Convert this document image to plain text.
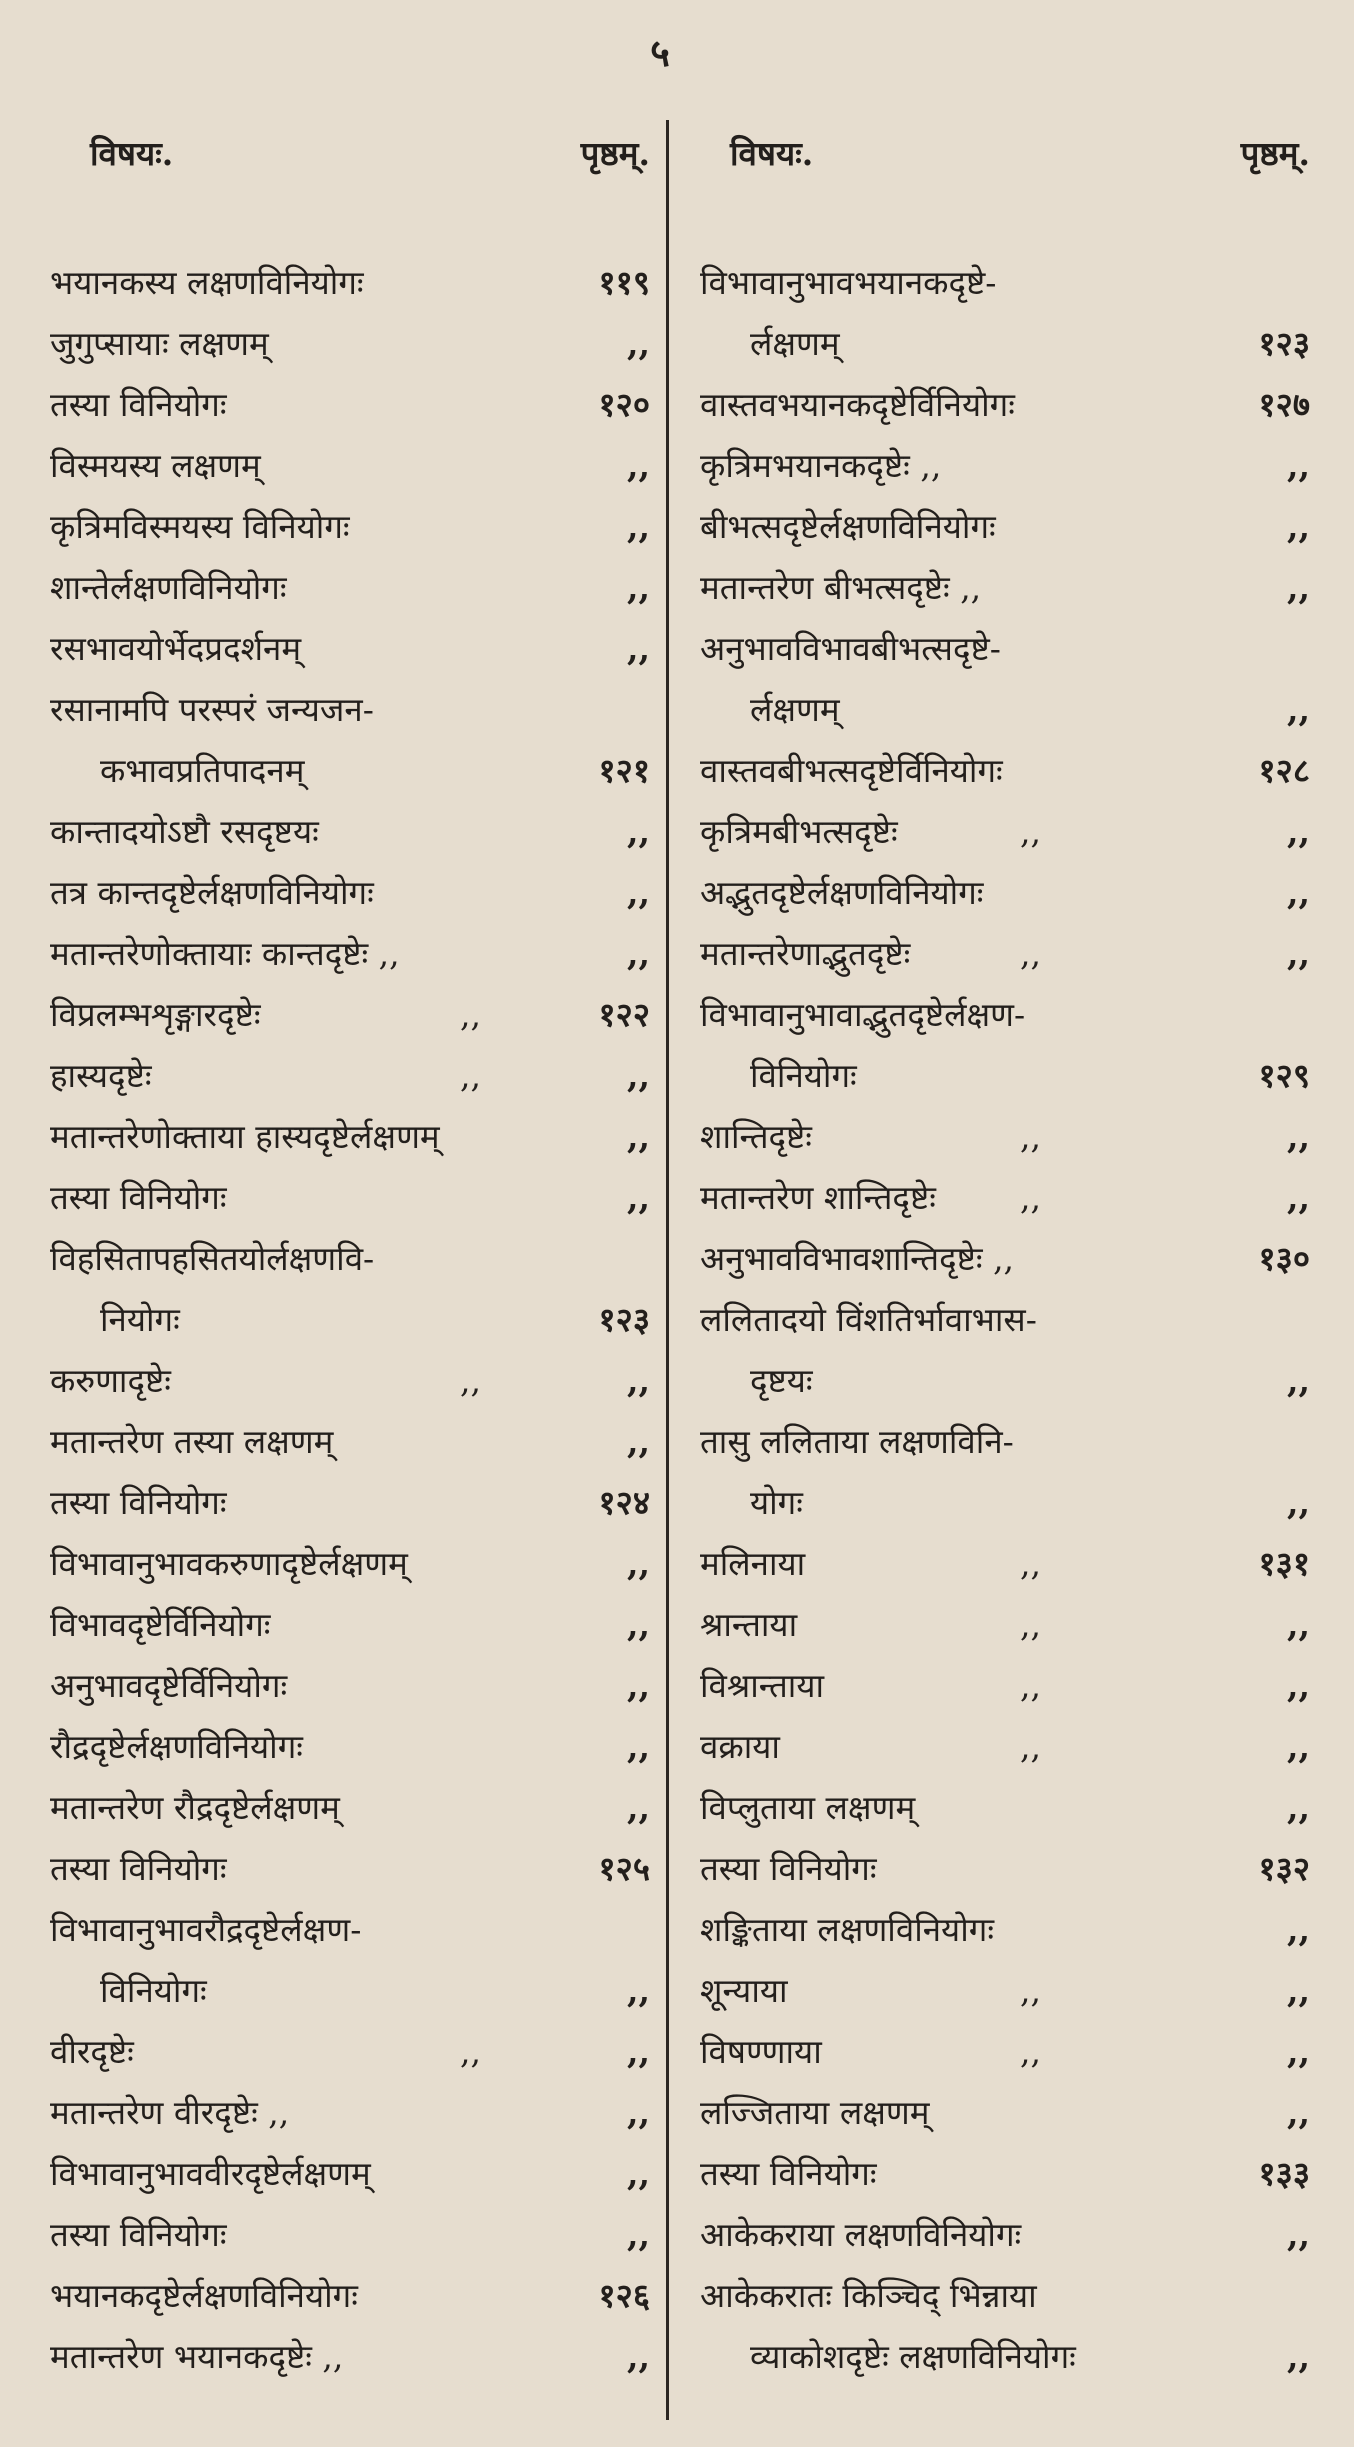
५
विषयः.	पृष्ठम्.
भयानकस्य लक्षणविनियोगः	११९
जुगुप्सायाः लक्षणम्	,,
तस्या विनियोगः	१२०
विस्मयस्य लक्षणम्	,,
कृत्रिमविस्मयस्य विनियोगः	,,
शान्तेर्लक्षणविनियोगः	,,
रसभावयोर्भेदप्रदर्शनम्	,,
रसानामपि परस्परं जन्यजन-
कभावप्रतिपादनम्	१२१
कान्तादयोऽष्टौ रसदृष्टयः	,,
तत्र कान्तदृष्टेर्लक्षणविनियोगः	,,
मतान्तरेणोक्तायाः कान्तदृष्टेः ,,	,,
विप्रलम्भशृङ्गारदृष्टेः	,,	१२२
हास्यदृष्टेः	,,	,,
मतान्तरेणोक्ताया हास्यदृष्टेर्लक्षणम्	,,
तस्या विनियोगः	,,
विहसितापहसितयोर्लक्षणवि-
नियोगः	१२३
करुणादृष्टेः	,,	,,
मतान्तरेण तस्या लक्षणम्	,,
तस्या विनियोगः	१२४
विभावानुभावकरुणादृष्टेर्लक्षणम्	,,
विभावदृष्टेर्विनियोगः	,,
अनुभावदृष्टेर्विनियोगः	,,
रौद्रदृष्टेर्लक्षणविनियोगः	,,
मतान्तरेण रौद्रदृष्टेर्लक्षणम्	,,
तस्या विनियोगः	१२५
विभावानुभावरौद्रदृष्टेर्लक्षण-
विनियोगः	,,
वीरदृष्टेः	,,	,,
मतान्तरेण वीरदृष्टेः ,,	,,
विभावानुभाववीरदृष्टेर्लक्षणम्	,,
तस्या विनियोगः	,,
भयानकदृष्टेर्लक्षणविनियोगः	१२६
मतान्तरेण भयानकदृष्टेः ,,	,,
विषयः.	पृष्ठम्.
विभावानुभावभयानकदृष्टे-
र्लक्षणम्	१२३
वास्तवभयानकदृष्टेर्विनियोगः	१२७
कृत्रिमभयानकदृष्टेः ,,	,,
बीभत्सदृष्टेर्लक्षणविनियोगः	,,
मतान्तरेण बीभत्सदृष्टेः ,,	,,
अनुभावविभावबीभत्सदृष्टे-
र्लक्षणम्	,,
वास्तवबीभत्सदृष्टेर्विनियोगः	१२८
कृत्रिमबीभत्सदृष्टेः	,,	,,
अद्भुतदृष्टेर्लक्षणविनियोगः	,,
मतान्तरेणाद्भुतदृष्टेः	,,	,,
विभावानुभावाद्भुतदृष्टेर्लक्षण-
विनियोगः	१२९
शान्तिदृष्टेः	,,	,,
मतान्तरेण शान्तिदृष्टेः	,,	,,
अनुभावविभावशान्तिदृष्टेः ,,	१३०
ललितादयो विंशतिर्भावाभास-
दृष्टयः	,,
तासु ललिताया लक्षणविनि-
योगः	,,
मलिनाया	,,	१३१
श्रान्ताया	,,	,,
विश्रान्ताया	,,	,,
वक्राया	,,	,,
विप्लुताया लक्षणम्	,,
तस्या विनियोगः	१३२
शङ्किताया लक्षणविनियोगः	,,
शून्याया	,,	,,
विषण्णाया	,,	,,
लज्जिताया लक्षणम्	,,
तस्या विनियोगः	१३३
आकेकराया लक्षणविनियोगः	,,
आकेकरातः किञ्चिद् भिन्नाया
व्याकोशदृष्टेः लक्षणविनियोगः	,,
